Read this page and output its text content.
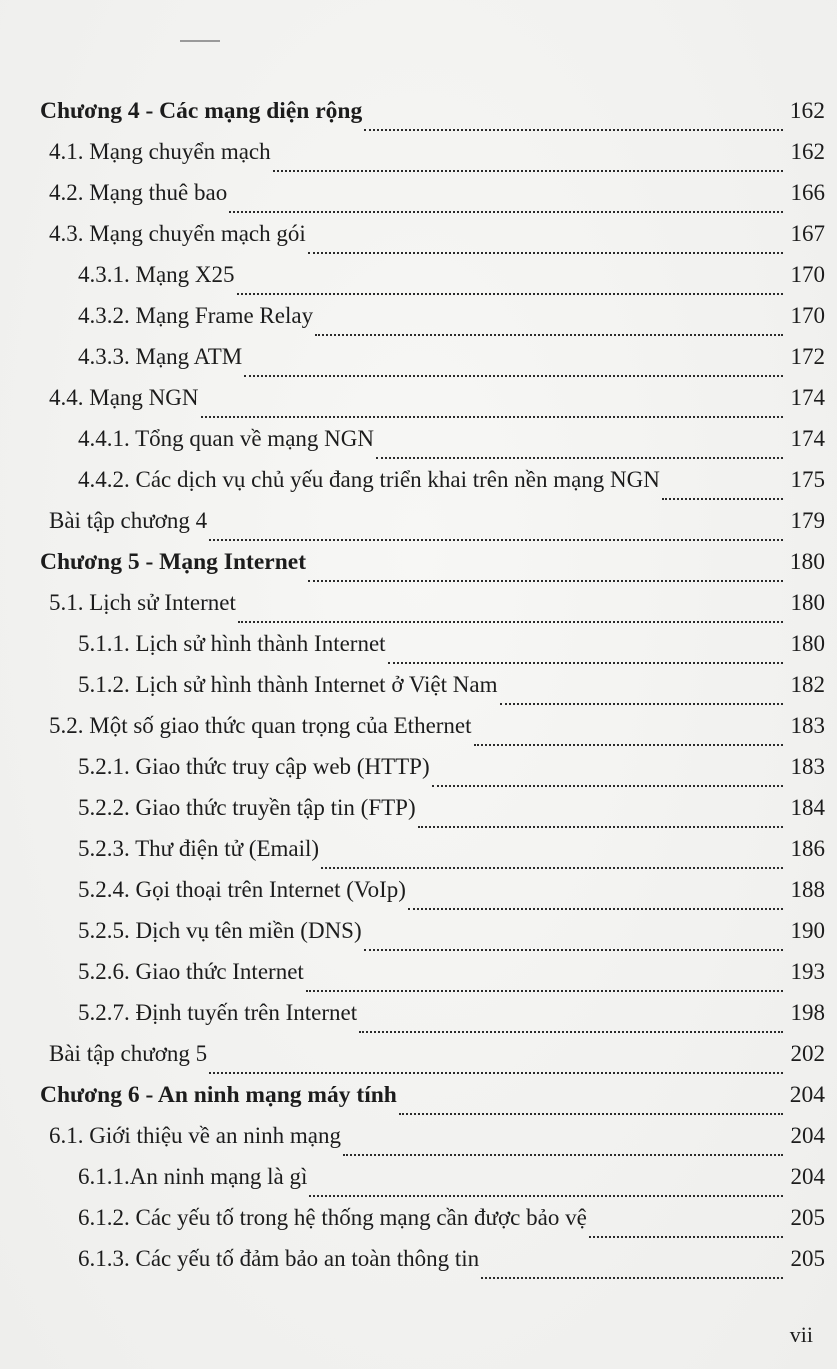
Chương 4 - Các mạng diện rộng	162
4.1. Mạng chuyển mạch	162
4.2. Mạng thuê bao	166
4.3. Mạng chuyển mạch gói	167
4.3.1. Mạng X25	170
4.3.2. Mạng Frame Relay	170
4.3.3. Mạng ATM	172
4.4. Mạng NGN	174
4.4.1. Tổng quan về mạng NGN	174
4.4.2. Các dịch vụ chủ yếu đang triển khai trên nền mạng NGN	175
Bài tập chương 4	179
Chương 5 - Mạng Internet	180
5.1. Lịch sử Internet	180
5.1.1. Lịch sử hình thành Internet	180
5.1.2. Lịch sử hình thành Internet ở Việt Nam	182
5.2. Một số giao thức quan trọng của Ethernet	183
5.2.1. Giao thức truy cập web (HTTP)	183
5.2.2. Giao thức truyền tập tin (FTP)	184
5.2.3. Thư điện tử (Email)	186
5.2.4. Gọi thoại trên Internet (VoIp)	188
5.2.5. Dịch vụ tên miền (DNS)	190
5.2.6. Giao thức Internet	193
5.2.7. Định tuyến trên Internet	198
Bài tập chương 5	202
Chương 6 - An ninh mạng máy tính	204
6.1. Giới thiệu về an ninh mạng	204
6.1.1.An ninh mạng là gì	204
6.1.2. Các yếu tố trong hệ thống mạng cần được bảo vệ	205
6.1.3. Các yếu tố đảm bảo an toàn thông tin	205
vii
